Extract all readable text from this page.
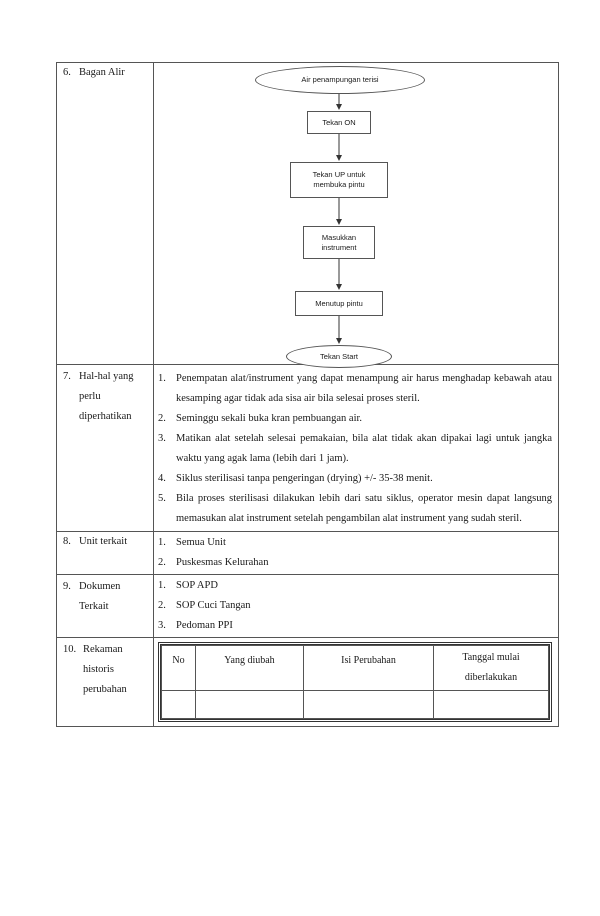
6. Bagan Alir

Air penampungan terisi
Tekan ON
Tekan UP untuk membuka pintu
Masukkan instrument
Menutup pintu
Tekan Start

7. Hal-hal yang
perlu
diperhatikan

1. Penempatan alat/instrument yang dapat menampung air harus menghadap kebawah atau kesamping agar tidak ada sisa air bila selesai proses steril.
2. Seminggu sekali buka kran pembuangan air.
3. Matikan alat setelah selesai pemakaian, bila alat tidak akan dipakai lagi untuk jangka waktu yang agak lama (lebih dari 1 jam).
4. Siklus sterilisasi tanpa pengeringan (drying) +/- 35-38 menit.
5. Bila proses sterilisasi dilakukan lebih dari satu siklus, operator mesin dapat langsung memasukan alat instrument setelah pengambilan alat instrument yang sudah steril.

8. Unit terkait	1. Semua Unit
2. Puskesmas Kelurahan

9. Dokumen
Terkait

1. SOP APD
2. SOP Cuci Tangan
3. Pedoman PPI

10. Rekaman
historis
perubahan

No	Yang diubah	Isi Perubahan	Tanggal mulai diberlakukan
